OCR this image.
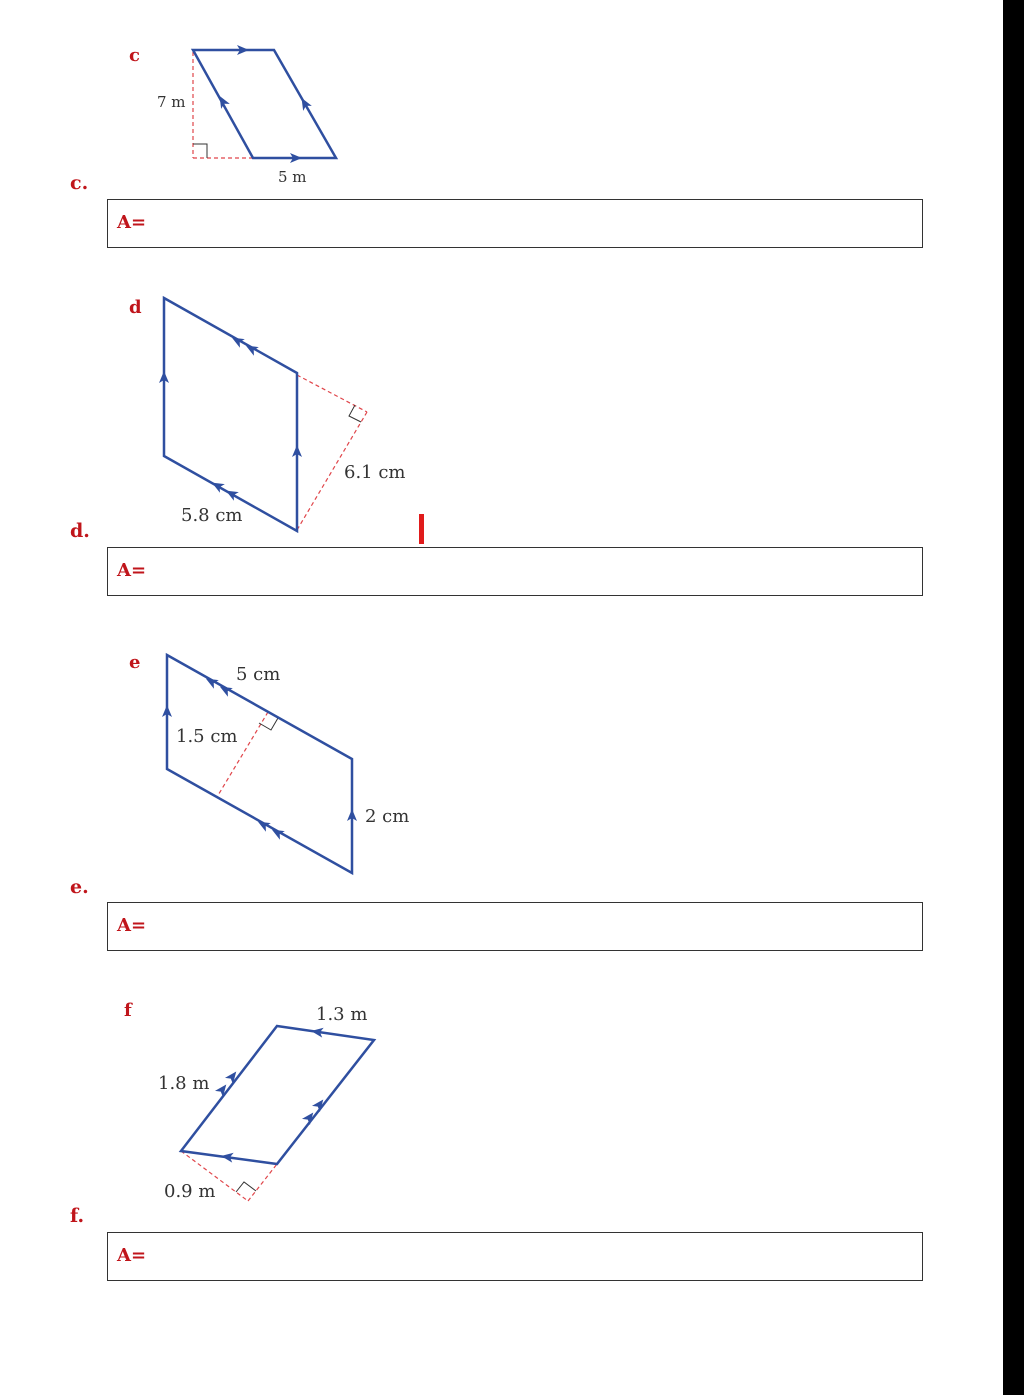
c
7 m
5 m
d
6.1 cm
5.8 cm
e
5 cm
1.5 cm
2 cm
f	1.3 m
1.8 m
0.9 m
c.
d.
e.
f.
A=
A=
A=
A=
